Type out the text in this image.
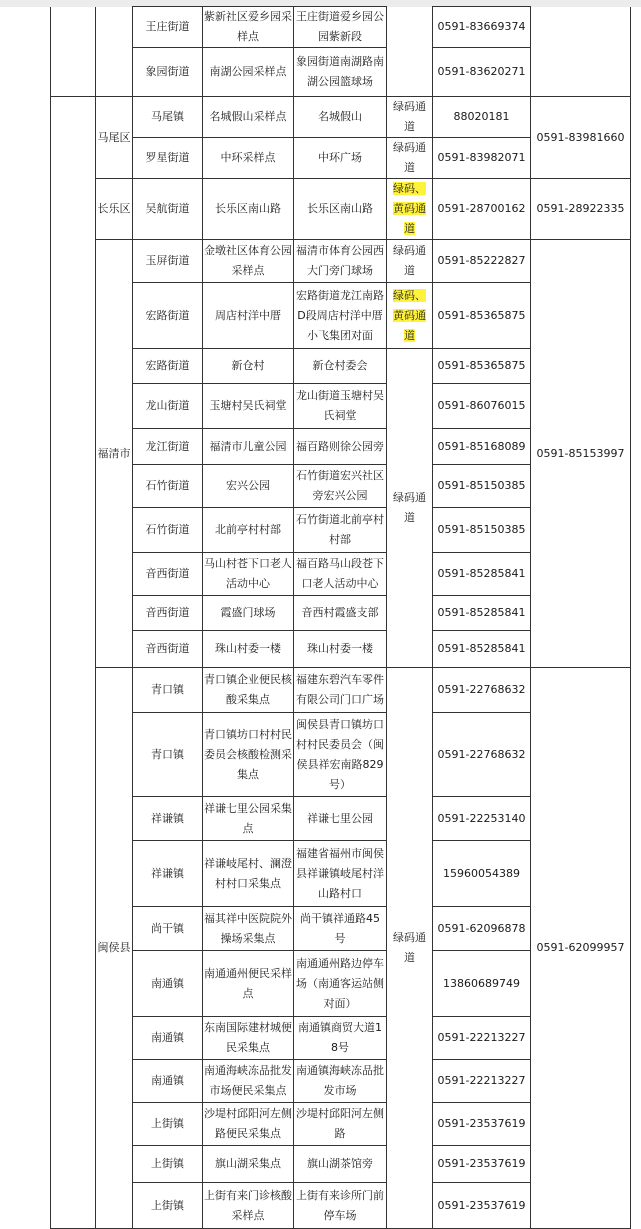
		王庄街道	紫新社区爱乡园采样点	王庄街道爱乡园公园紫新段		0591-83669374	
		象园街道	南湖公园采样点	象园街道南湖路南湖公园篮球场		0591-83620271	
	马尾区	马尾镇	名城假山采样点	名城假山	绿码通道	88020181	0591-83981660
		罗星街道	中环采样点	中环广场	绿码通道	0591-83982071	
	长乐区	吴航街道	长乐区南山路	长乐区南山路	绿码、黄码通道	0591-28700162	0591-28922335
	福清市	玉屏街道	金墩社区体育公园采样点	福清市体育公园西大门旁门球场	绿码通道	0591-85222827	0591-85153997
		宏路街道	周店村洋中厝	宏路街道龙江南路D段周店村洋中厝小飞集团对面	绿码、黄码通道	0591-85365875	
		宏路街道	新仓村	新仓村委会	绿码通道	0591-85365875	
		龙山街道	玉塘村吴氏祠堂	龙山街道玉塘村吴氏祠堂		0591-86076015	
		龙江街道	福清市儿童公园	福百路则徐公园旁		0591-85168089	
		石竹街道	宏兴公园	石竹街道宏兴社区旁宏兴公园		0591-85150385	
		石竹街道	北前亭村村部	石竹街道北前亭村村部		0591-85150385	
		音西街道	马山村苍下口老人活动中心	福百路马山段苍下口老人活动中心		0591-85285841	
		音西街道	霞盛门球场	音西村霞盛支部		0591-85285841	
		音西街道	珠山村委一楼	珠山村委一楼		0591-85285841	
	闽侯县	青口镇	青口镇企业便民核酸采集点	福建东碧汽车零件有限公司门口广场	绿码通道	0591-22768632	0591-62099957
		青口镇	青口镇坊口村村民委员会核酸检测采集点	闽侯县青口镇坊口村村民委员会（闽侯县祥宏南路829号）		0591-22768632	
		祥谦镇	祥谦七里公园采集点	祥谦七里公园		0591-22253140	
		祥谦镇	祥谦岐尾村、澜澄村村口采集点	福建省福州市闽侯县祥谦镇岐尾村洋山路村口		15960054389	
		尚干镇	福其祥中医院院外操场采集点	尚干镇祥通路45号		0591-62096878	
		南通镇	南通通州便民采样点	南通通州路边停车场（南通客运站侧对面）		13860689749	
		南通镇	东南国际建材城便民采集点	南通镇商贸大道18号		0591-22213227	
		南通镇	南通海峡冻品批发市场便民采集点	南通镇海峡冻品批发市场		0591-22213227	
		上街镇	沙堤村邱阳河左侧路便民采集点	沙堤村邱阳河左侧路		0591-23537619	
		上街镇	旗山湖采集点	旗山湖茶馆旁		0591-23537619	
		上街镇	上街有来门诊核酸采样点	上街有来诊所门前停车场		0591-23537619	
